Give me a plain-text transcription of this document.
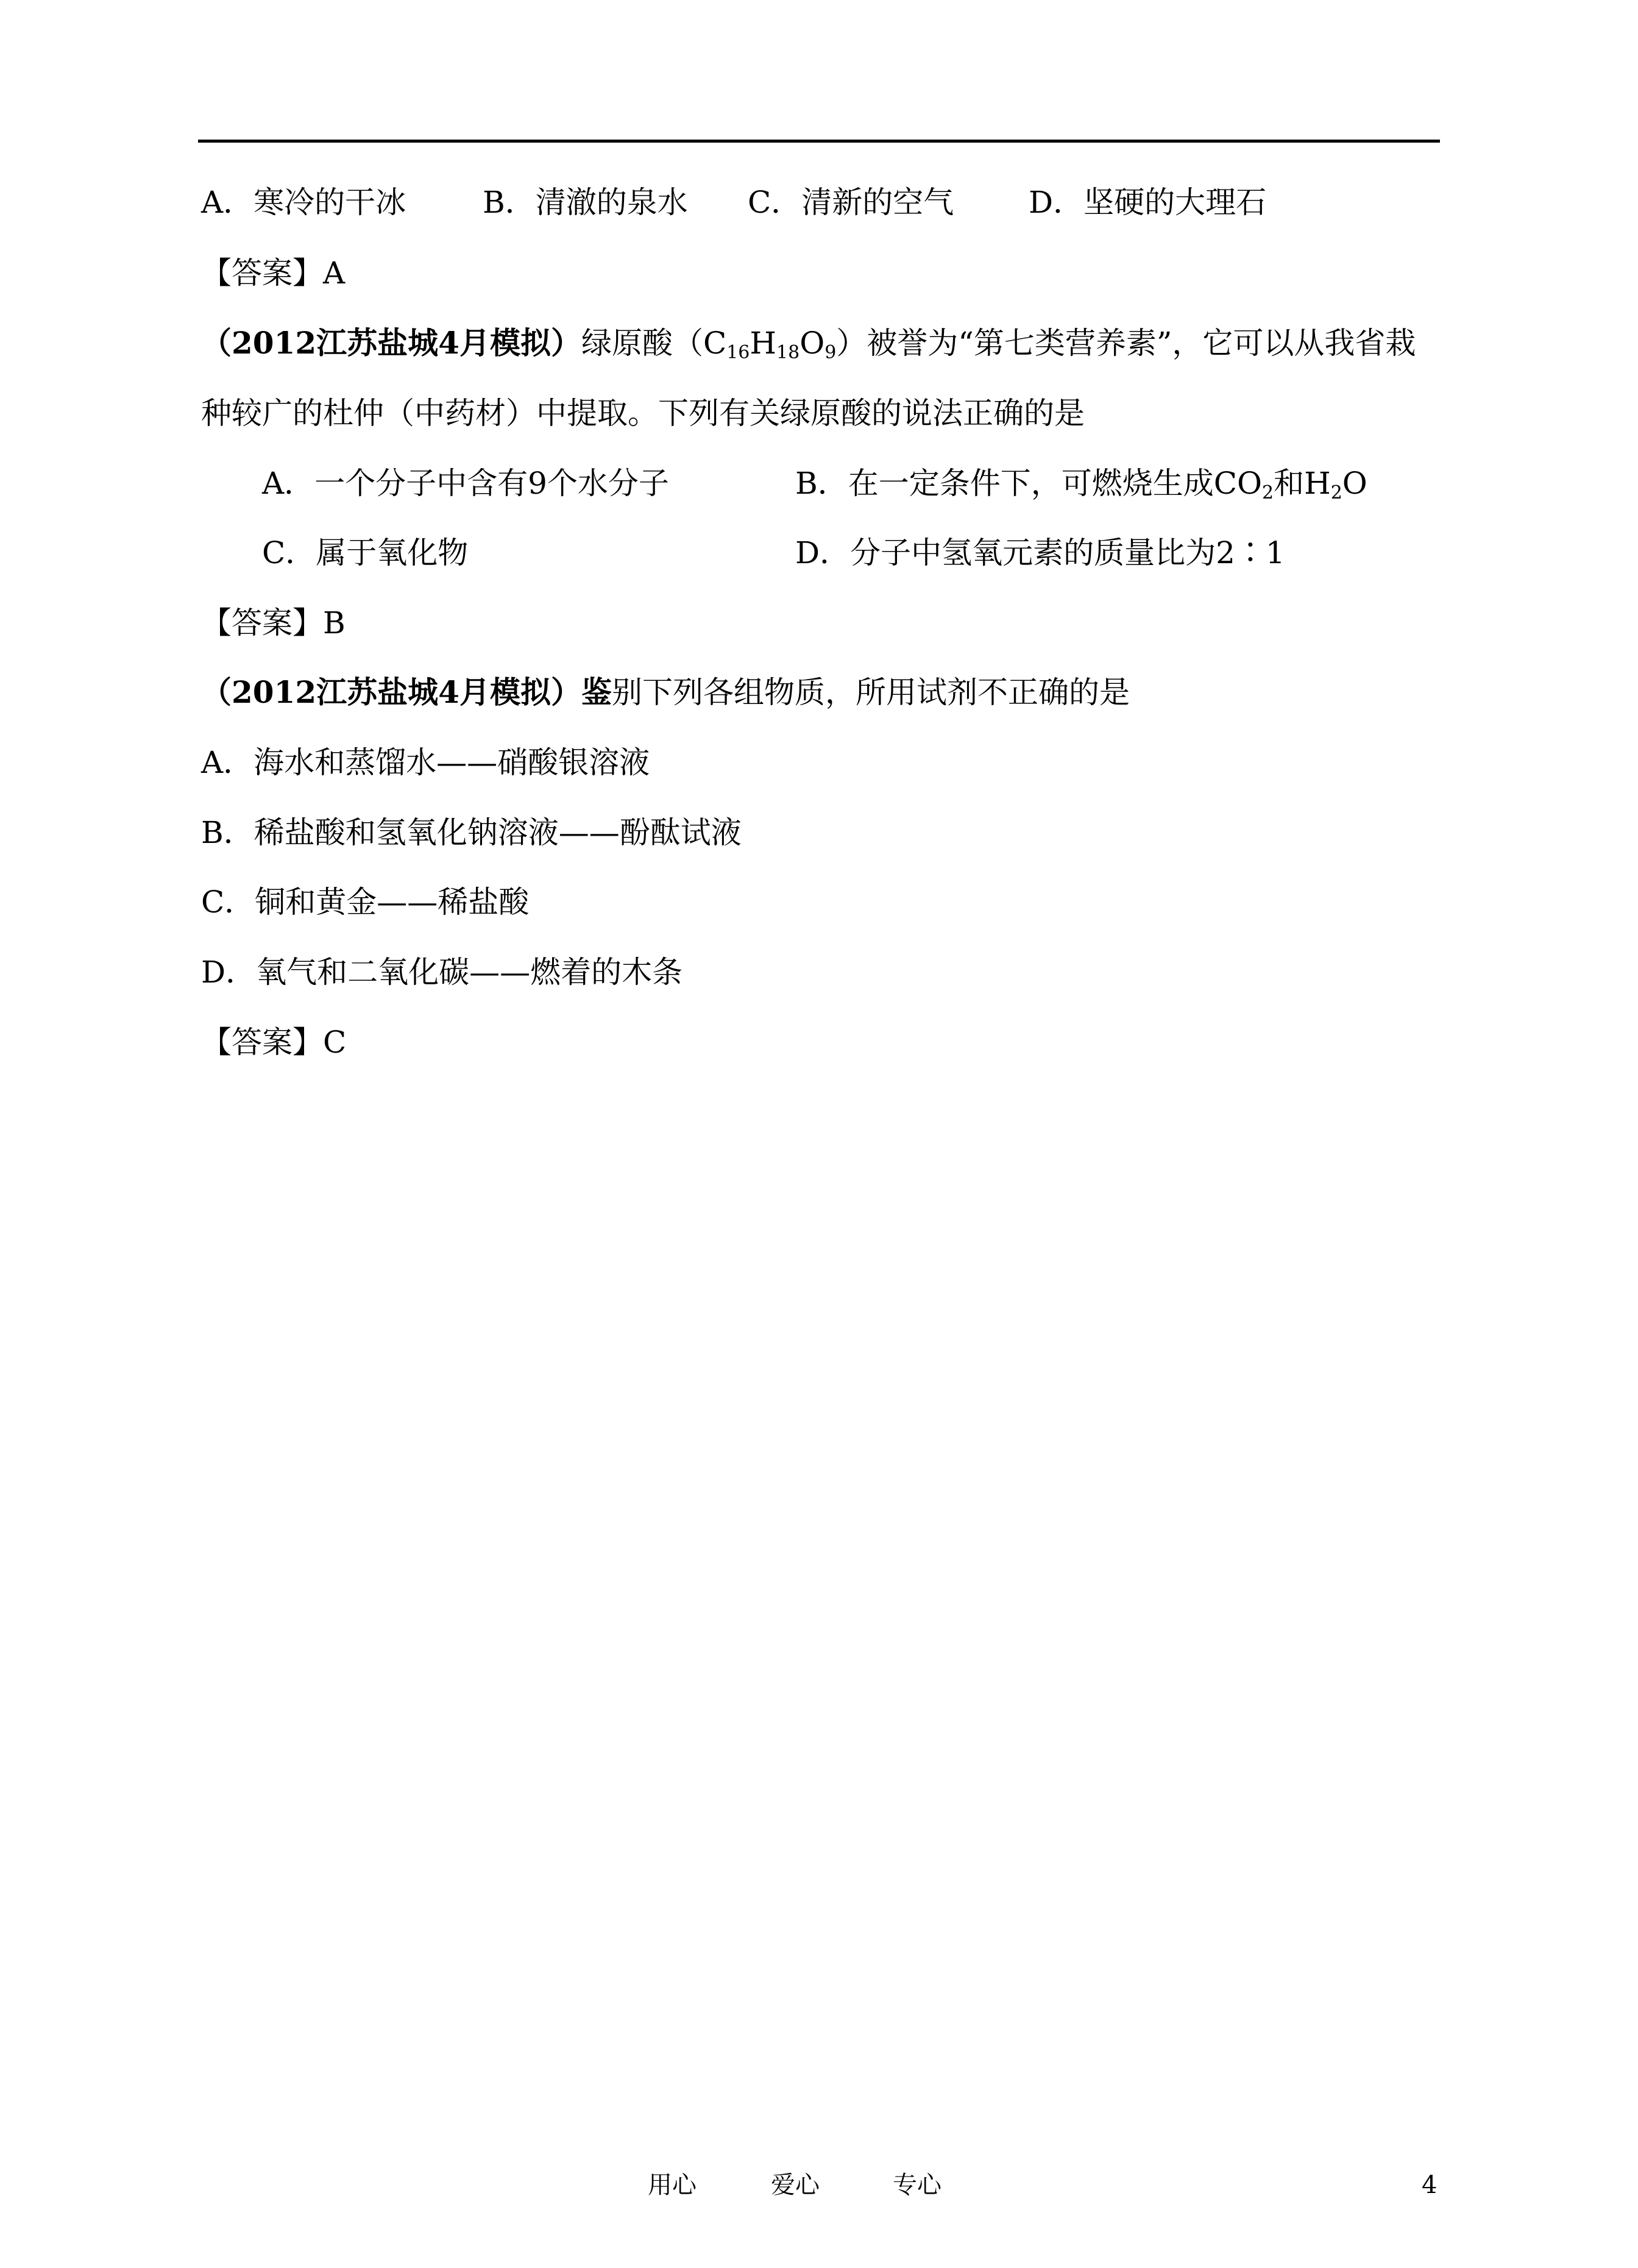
A．寒冷的干冰	B．清澈的泉水 C．清新的空气 D．坚硬的大理石
【答案】A
（2012江苏盐城4月模拟）绿原酸$(C_{16}H_{18}O_9)$被誉为“第七类营养素”，它可以从我省栽
种较广的杜仲（中药材）中提取。下列有关绿原酸的说法正确的是
A．一个分子中含有9个水分子	B．在一定条件下，可燃烧生成$CO_2$和$H_2O$
C．属于氧化物	D．分子中氢氧元素的质量比为2∶1
【答案】B
（2012江苏盐城4月模拟）鉴别下列各组物质，所用试剂不正确的是
A．海水和蒸馏水——硝酸银溶液
B．稀盐酸和氢氧化钠溶液——酚酞试液
C．铜和黄金——稀盐酸
D．氧气和二氧化碳——燃着的木条
【答案】C
用心	爱心	专心	4
